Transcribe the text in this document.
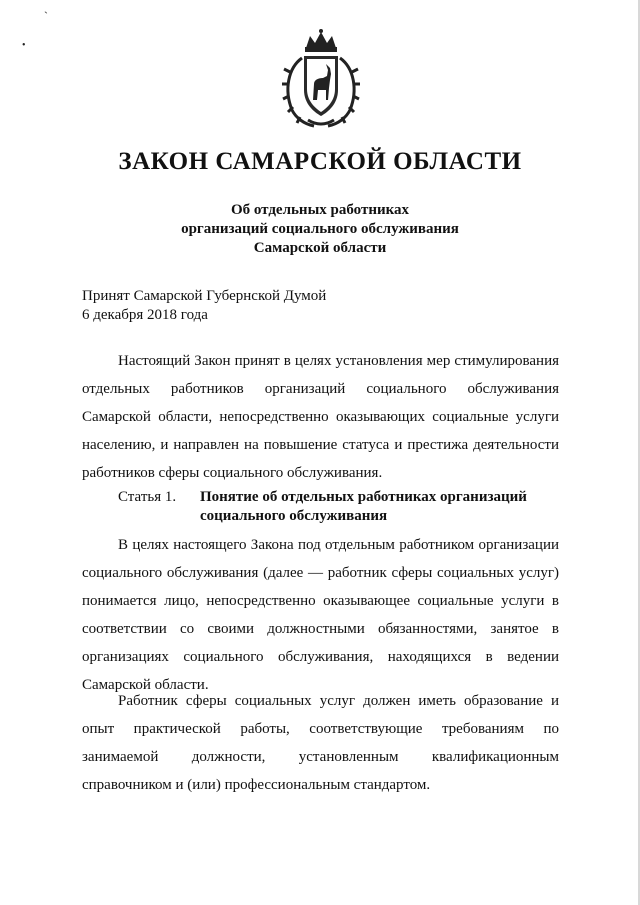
ˋ
•
ЗАКОН САМАРСКОЙ ОБЛАСТИ
Об отдельных работниках
организаций социального обслуживания
Самарской области
Принят Самарской Губернской Думой
6 декабря 2018 года
Настоящий Закон принят в целях установления мер стимулирования отдельных работников организаций социального обслуживания Самарской области, непосредственно оказывающих социальные услуги населению, и направлен на повышение статуса и престижа деятельности работников сферы социального обслуживания.
Статья 1.	Понятие об отдельных работниках организаций
социального обслуживания
В целях настоящего Закона под отдельным работником организации социального обслуживания (далее — работник сферы социальных услуг) понимается лицо, непосредственно оказывающее социальные услуги в соответствии со своими должностными обязанностями, занятое в организациях социального обслуживания, находящихся в ведении Самарской области.
Работник сферы социальных услуг должен иметь образование и опыт практической работы, соответствующие требованиям по занимаемой должности, установленным квалификационным справочником и (или) профессиональным стандартом.
